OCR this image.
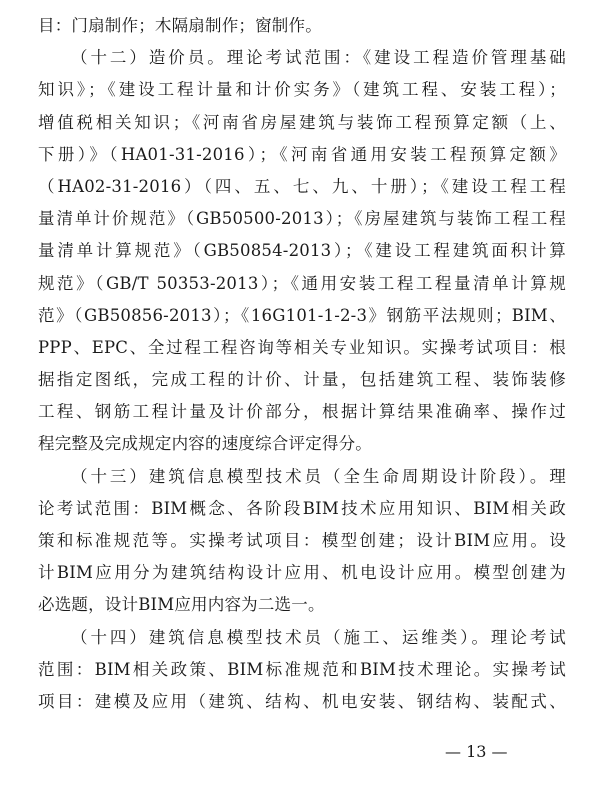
目：门扇制作；木隔扇制作；窗制作。
（十二）造价员。理论考试范围：《建设工程造价管理基础
知识》；《建设工程计量和计价实务》（建筑工程、安装工程）；
增值税相关知识；《河南省房屋建筑与装饰工程预算定额（上、
下册）》（HA01-31-2016）；《河南省通用安装工程预算定额》
（HA02-31-2016）（四、五、七、九、十册）；《建设工程工程
量清单计价规范》（GB50500-2013）；《房屋建筑与装饰工程工程
量清单计算规范》（GB50854-2013）；《建设工程建筑面积计算
规范》（GB/T 50353-2013）；《通用安装工程工程量清单计算规
范》（GB50856-2013）；《16G101-1-2-3》钢筋平法规则；BIM、
PPP、EPC、全过程工程咨询等相关专业知识。实操考试项目：根
据指定图纸，完成工程的计价、计量，包括建筑工程、装饰装修
工程、钢筋工程计量及计价部分，根据计算结果准确率、操作过
程完整及完成规定内容的速度综合评定得分。
（十三）建筑信息模型技术员（全生命周期设计阶段）。理
论考试范围：BIM概念、各阶段BIM技术应用知识、BIM相关政
策和标准规范等。实操考试项目：模型创建；设计BIM应用。设
计BIM应用分为建筑结构设计应用、机电设计应用。模型创建为
必选题，设计BIM应用内容为二选一。
（十四）建筑信息模型技术员（施工、运维类）。理论考试
范围：BIM相关政策、BIM标准规范和BIM技术理论。实操考试
项目：建模及应用（建筑、结构、机电安装、钢结构、装配式、
— 13 —
